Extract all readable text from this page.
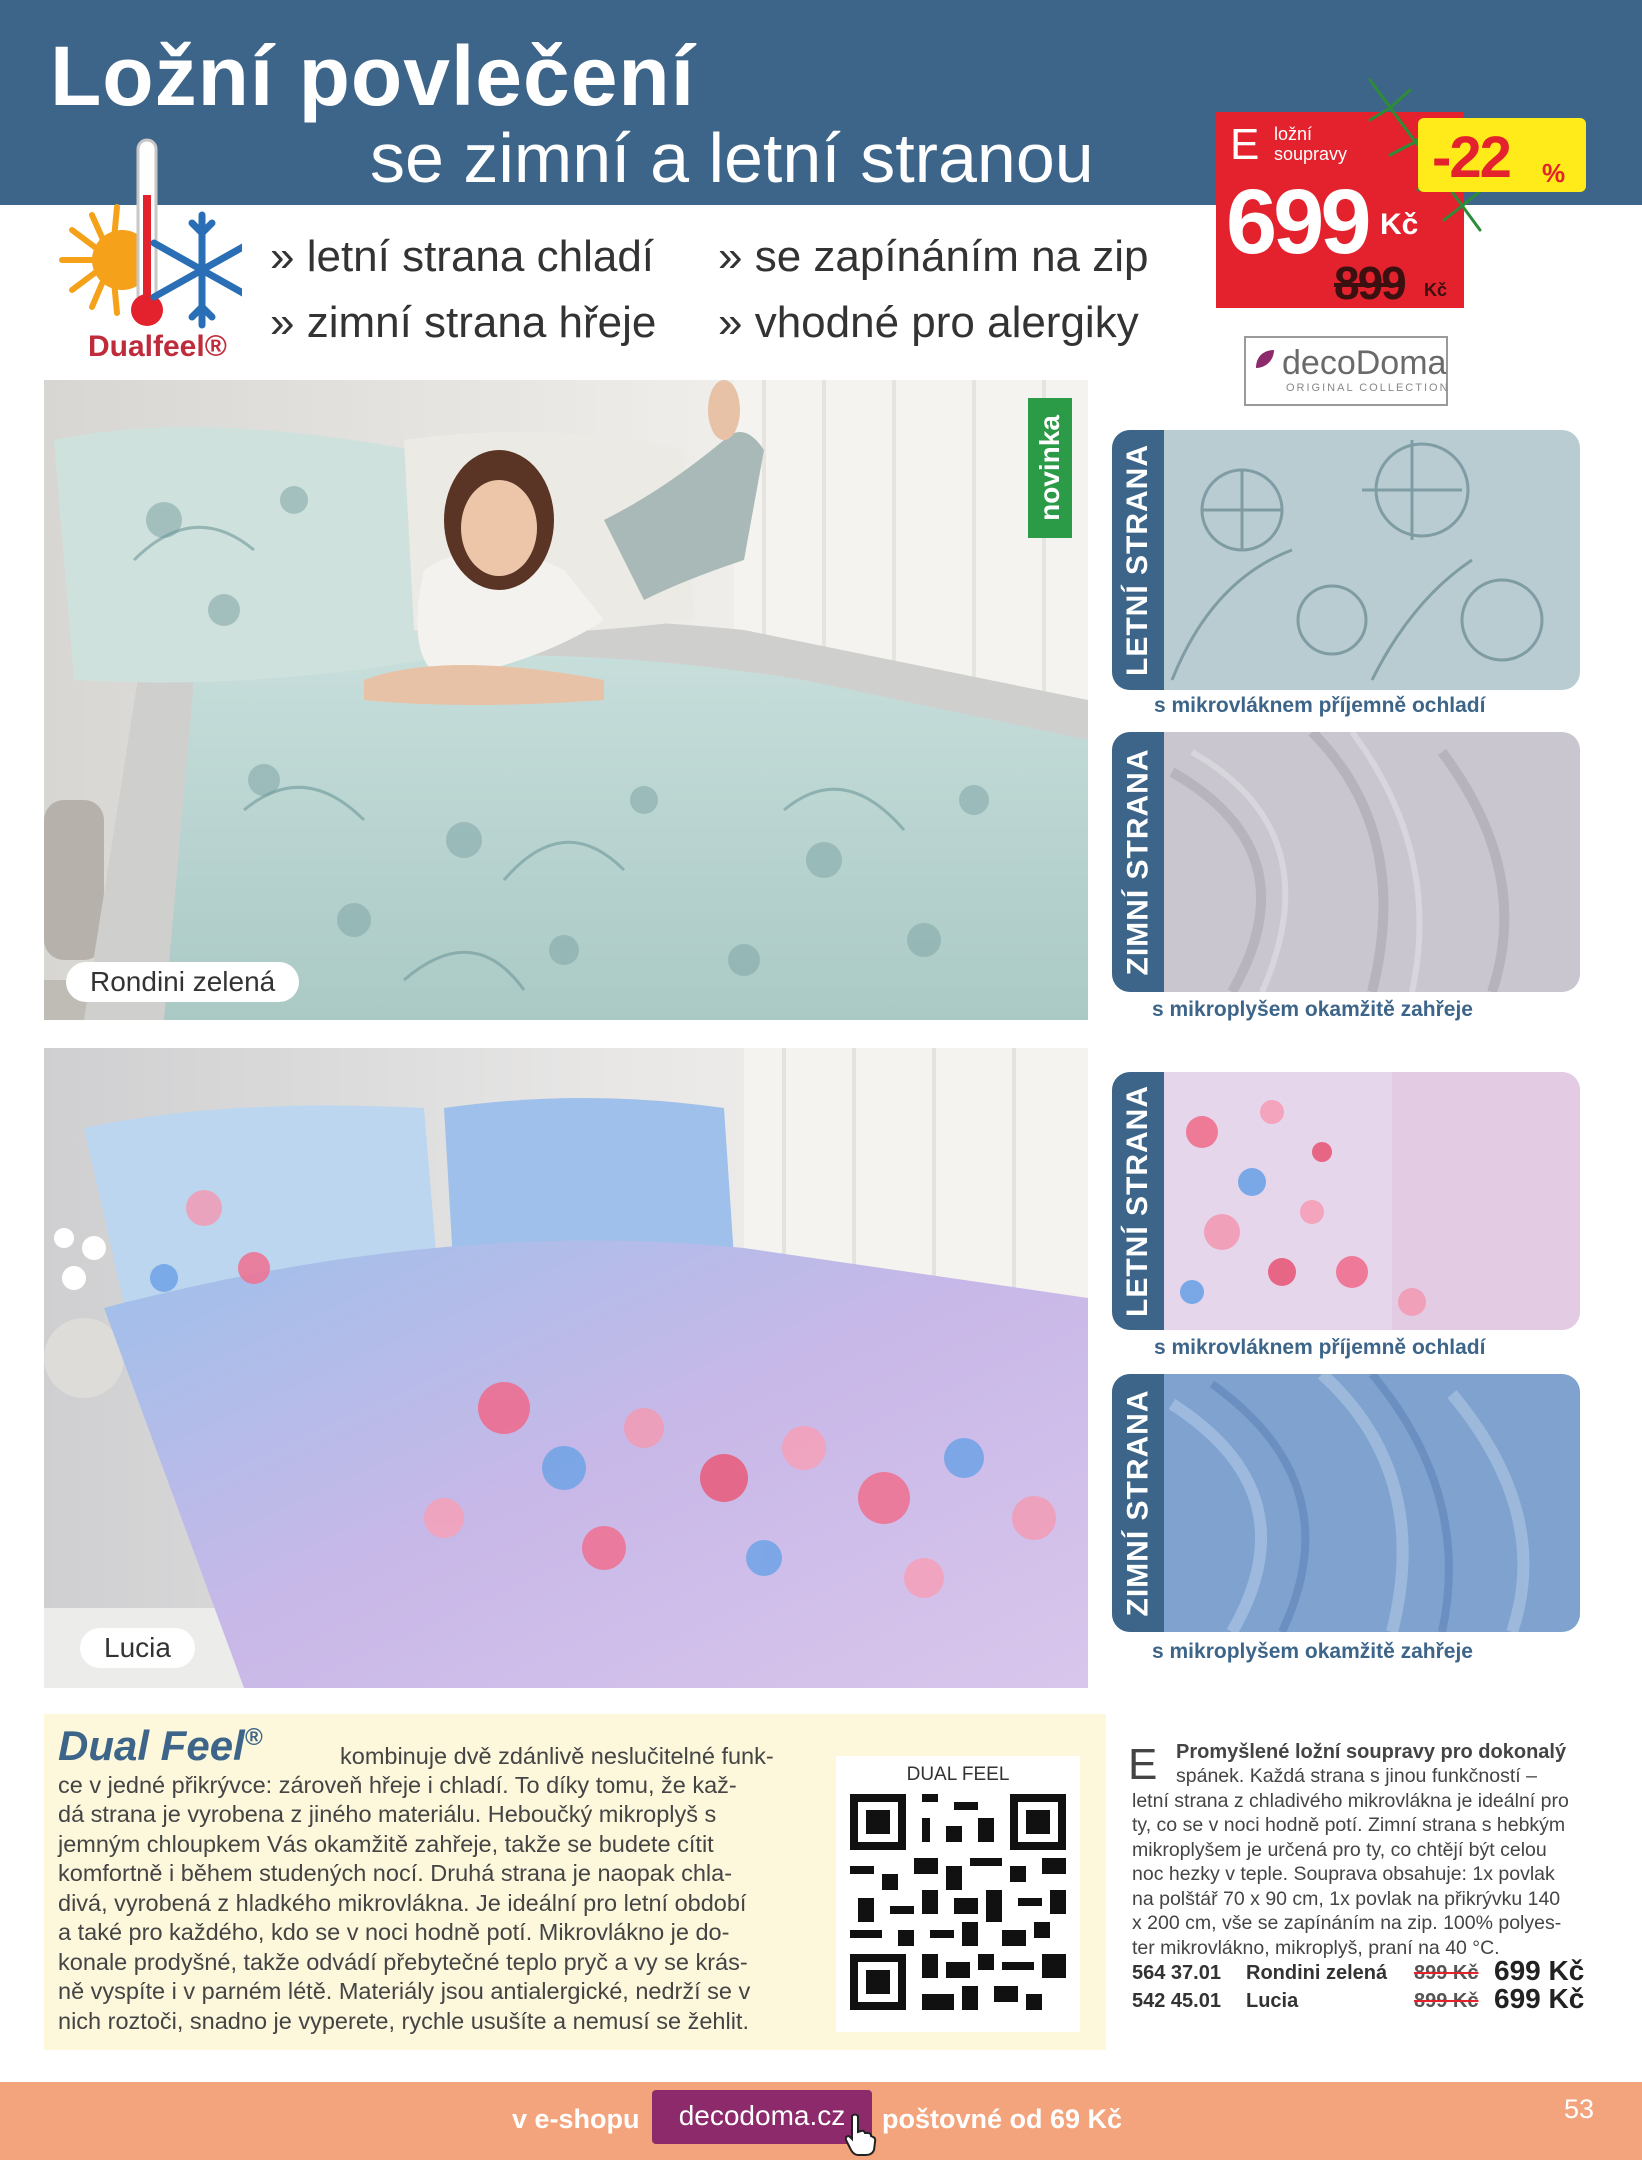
Ložní povlečení
se zimní a letní stranou
Dualfeel®
» letní strana chladí
» zimní strana hřeje
» se zapínáním na zip
» vhodné pro alergiky
E ložní
soupravy
699 Kč
899 Kč
-22 %
decoDoma
ORIGINAL COLLECTION
novinka
Rondini zelená
Lucia
LETNÍ STRANA
s mikrovláknem příjemně ochladí
ZIMNÍ STRANA
s mikroplyšem okamžitě zahřeje
LETNÍ STRANA
s mikrovláknem příjemně ochladí
ZIMNÍ STRANA
s mikroplyšem okamžitě zahřeje
Dual Feel®
kombinuje dvě zdánlivě neslučitelné funk-
ce v jedné přikrývce: zároveň hřeje i chladí. To díky tomu, že kaž-
dá strana je vyrobena z jiného materiálu. Heboučký mikroplyš s
jemným chloupkem Vás okamžitě zahřeje, takže se budete cítit
komfortně i během studených nocí. Druhá strana je naopak chla-
divá, vyrobená z hladkého mikrovlákna. Je ideální pro letní období
a také pro každého, kdo se v noci hodně potí. Mikrovlákno je do-
konale prodyšné, takže odvádí přebytečné teplo pryč a vy se krás-
ně vyspíte i v parném létě. Materiály jsou antialergické, nedrží se v
nich roztoči, snadno je vyperete, rychle usušíte a nemusí se žehlit.
DUAL FEEL	E Promyšlené ložní soupravy pro dokonalý
spánek. Každá strana s jinou funkčností –
letní strana z chladivého mikrovlákna je ideální pro
ty, co se v noci hodně potí. Zimní strana s hebkým
mikroplyšem je určená pro ty, co chtějí být celou
noc hezky v teple. Souprava obsahuje: 1x povlak
na polštář 70 x 90 cm, 1x povlak na přikrývku 140
x 200 cm, vše se zapínáním na zip. 100% polyes-
ter mikrovlákno, mikroplyš, praní na 40 °C.
564 37.01 Rondini zelená 899 Kč 699 Kč
542 45.01 Lucia	899 Kč 699 Kč
v e-shopu	decodoma.cz	poštovné od 69 Kč	53
